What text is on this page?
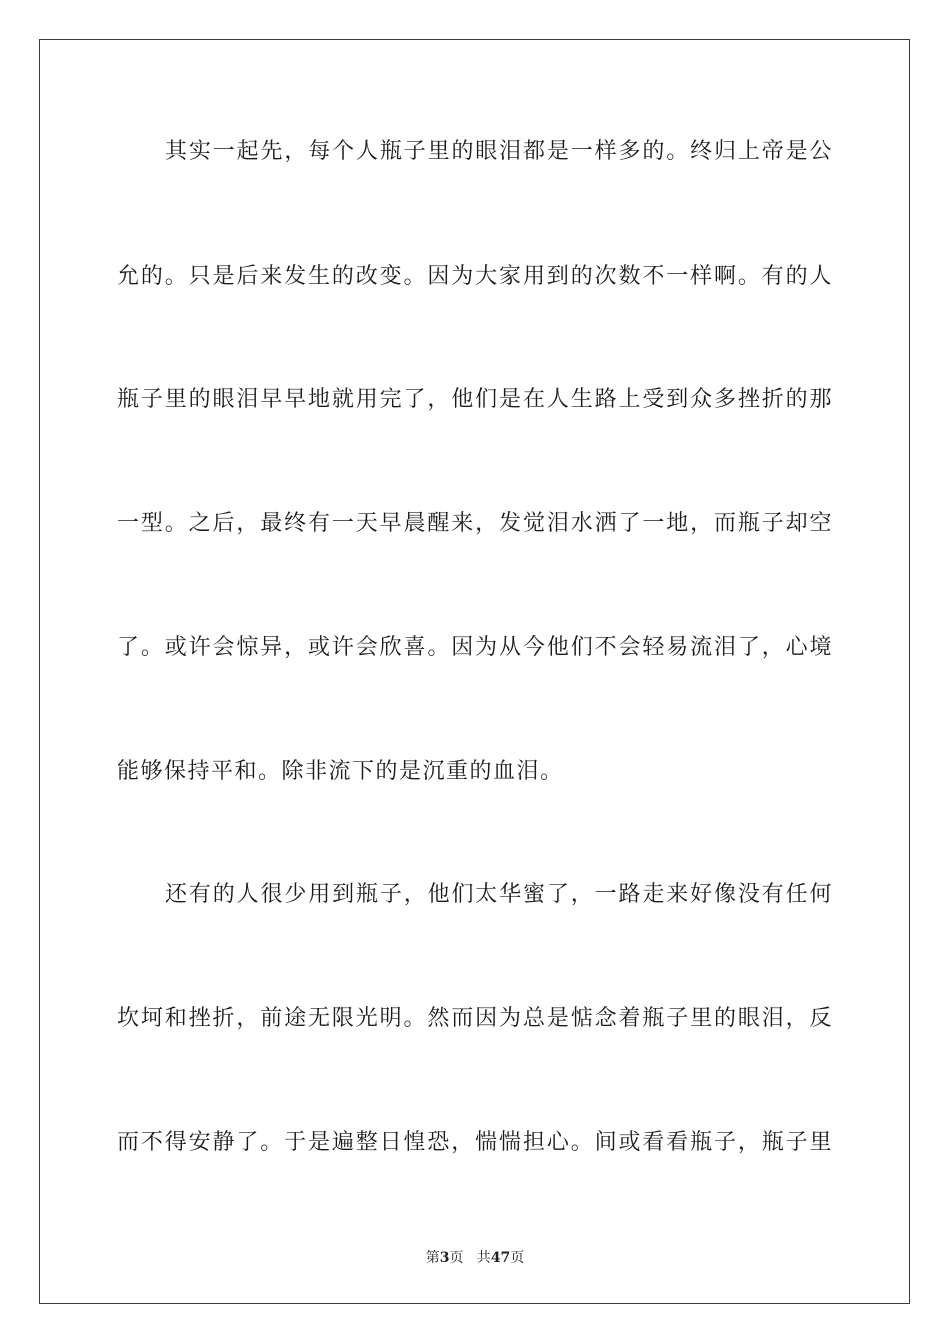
其实一起先，每个人瓶子里的眼泪都是一样多的。终归上帝是公
允的。只是后来发生的改变。因为大家用到的次数不一样啊。有的人
瓶子里的眼泪早早地就用完了，他们是在人生路上受到众多挫折的那
一型。之后，最终有一天早晨醒来，发觉泪水洒了一地，而瓶子却空
了。或许会惊异，或许会欣喜。因为从今他们不会轻易流泪了，心境
能够保持平和。除非流下的是沉重的血泪。
还有的人很少用到瓶子，他们太华蜜了，一路走来好像没有任何
坎坷和挫折，前途无限光明。然而因为总是惦念着瓶子里的眼泪，反
而不得安静了。于是遍整日惶恐，惴惴担心。间或看看瓶子，瓶子里
第3页   共47页
